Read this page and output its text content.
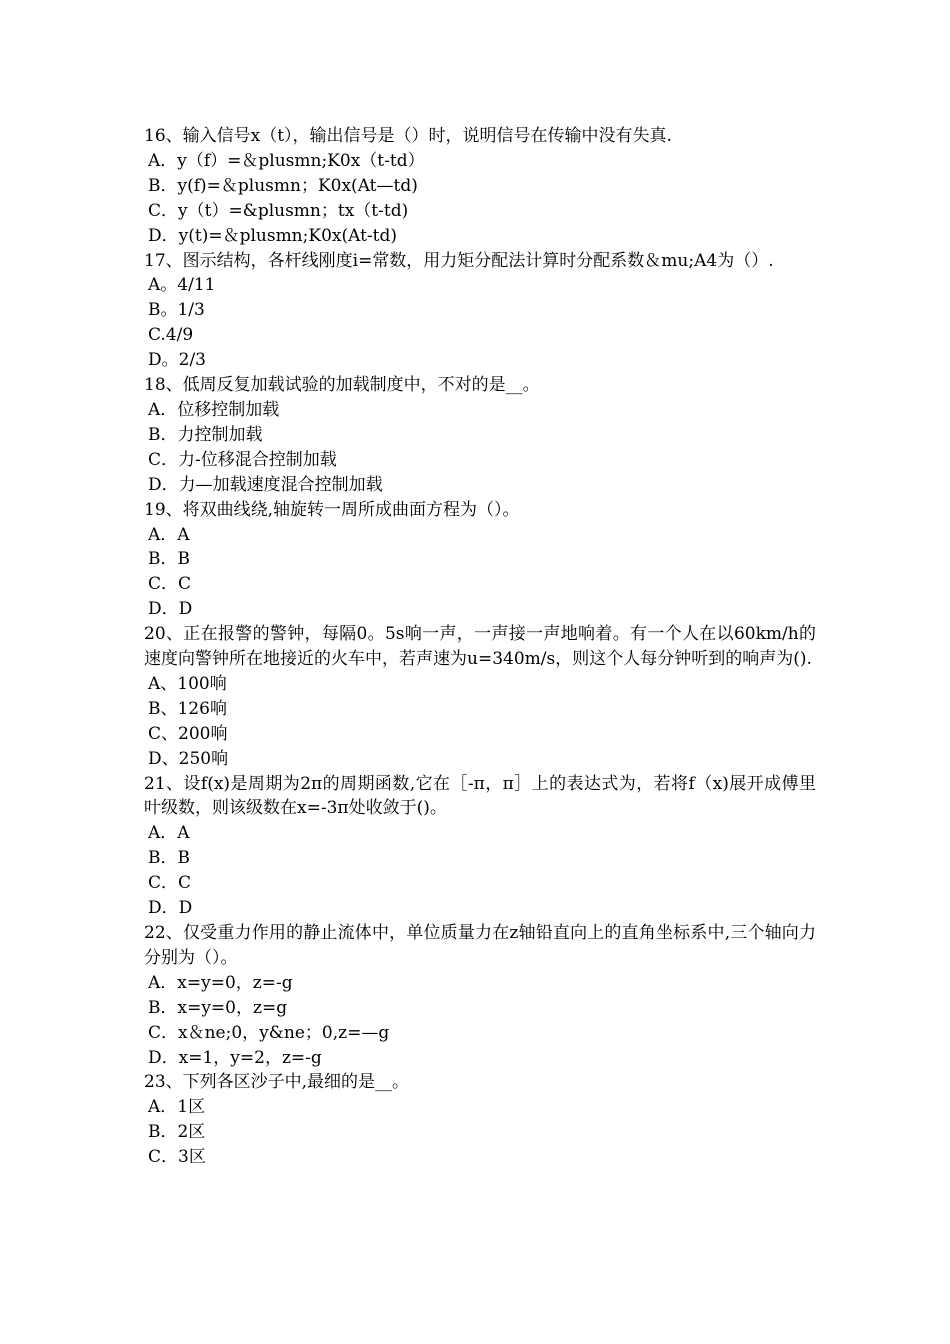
16、输入信号x（t），输出信号是（）时，说明信号在传输中没有失真.
A．y（f）=＆plusmn;K0x（t-td）
B．y(f)=＆plusmn；K0x(At—td)
C．y（t）=&plusmn；tx（t-td)
D．y(t)=＆plusmn;K0x(At-td)
17、图示结构，各杆线刚度i=常数，用力矩分配法计算时分配系数＆mu;A4为（）.
A。4/11
B。1/3
C.4/9
D。2/3
18、低周反复加载试验的加载制度中，不对的是__。
A．位移控制加载
B．力控制加载
C．力-位移混合控制加载
D．力—加载速度混合控制加载
19、将双曲线绕,轴旋转一周所成曲面方程为（）。
A．A
B．B
C．C
D．D
20、正在报警的警钟，每隔0。5s响一声，一声接一声地响着。有一个人在以60km/h的速度向警钟所在地接近的火车中，若声速为u=340m/s，则这个人每分钟听到的响声为().
A、100响
B、126响
C、200响
D、250响
21、设f(x)是周期为2π的周期函数,它在［-π，π］上的表达式为，若将f（x)展开成傅里叶级数，则该级数在x=-3π处收敛于()。
A．A
B．B
C．C
D．D
22、仅受重力作用的静止流体中，单位质量力在z轴铅直向上的直角坐标系中,三个轴向力分别为（）。
A．x=y=0，z=-g
B．x=y=0，z=g
C．x＆ne;0，y&ne；0,z=—g
D．x=1，y=2，z=-g
23、下列各区沙子中,最细的是__。
A．1区
B．2区
C．3区
